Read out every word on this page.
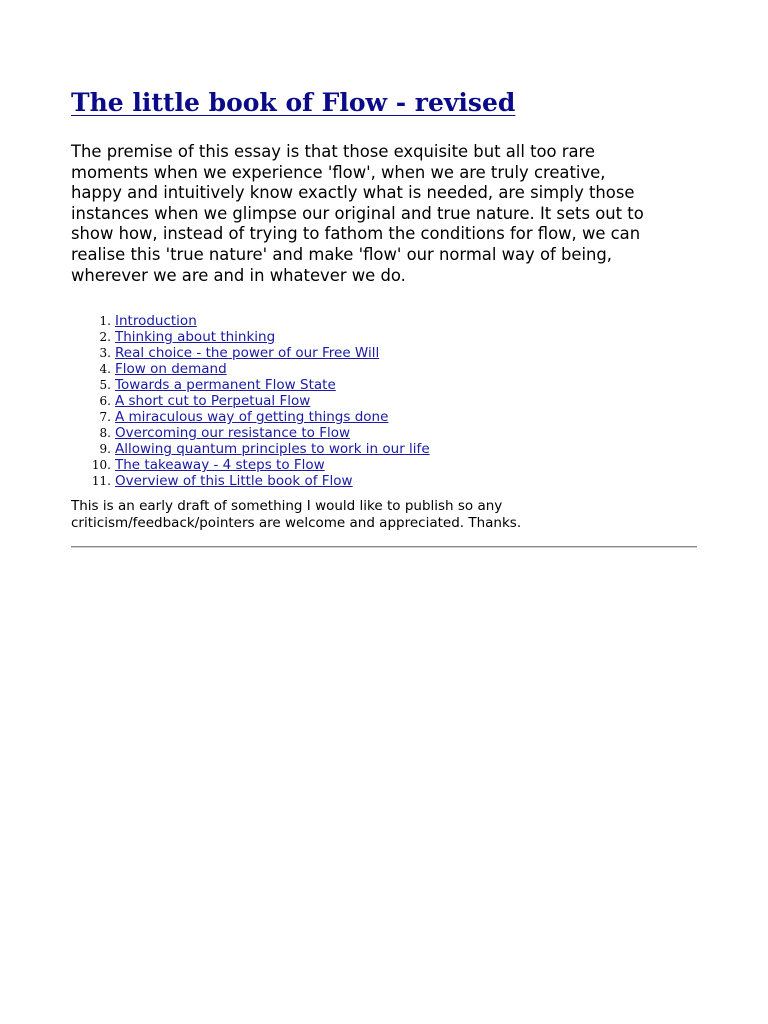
The little book of Flow - revised

The premise of this essay is that those exquisite but all too rare
moments when we experience 'flow', when we are truly creative,
happy and intuitively know exactly what is needed, are simply those
instances when we glimpse our original and true nature. It sets out to
show how, instead of trying to fathom the conditions for flow, we can
realise this 'true nature' and make 'flow' our normal way of being,
wherever we are and in whatever we do.

1. Introduction
2. Thinking about thinking
3. Real choice - the power of our Free Will
4. Flow on demand
5. Towards a permanent Flow State
6. A short cut to Perpetual Flow
7. A miraculous way of getting things done
8. Overcoming our resistance to Flow
9. Allowing quantum principles to work in our life
10. The takeaway - 4 steps to Flow
11. Overview of this Little book of Flow

This is an early draft of something I would like to publish so any
criticism/feedback/pointers are welcome and appreciated. Thanks.
